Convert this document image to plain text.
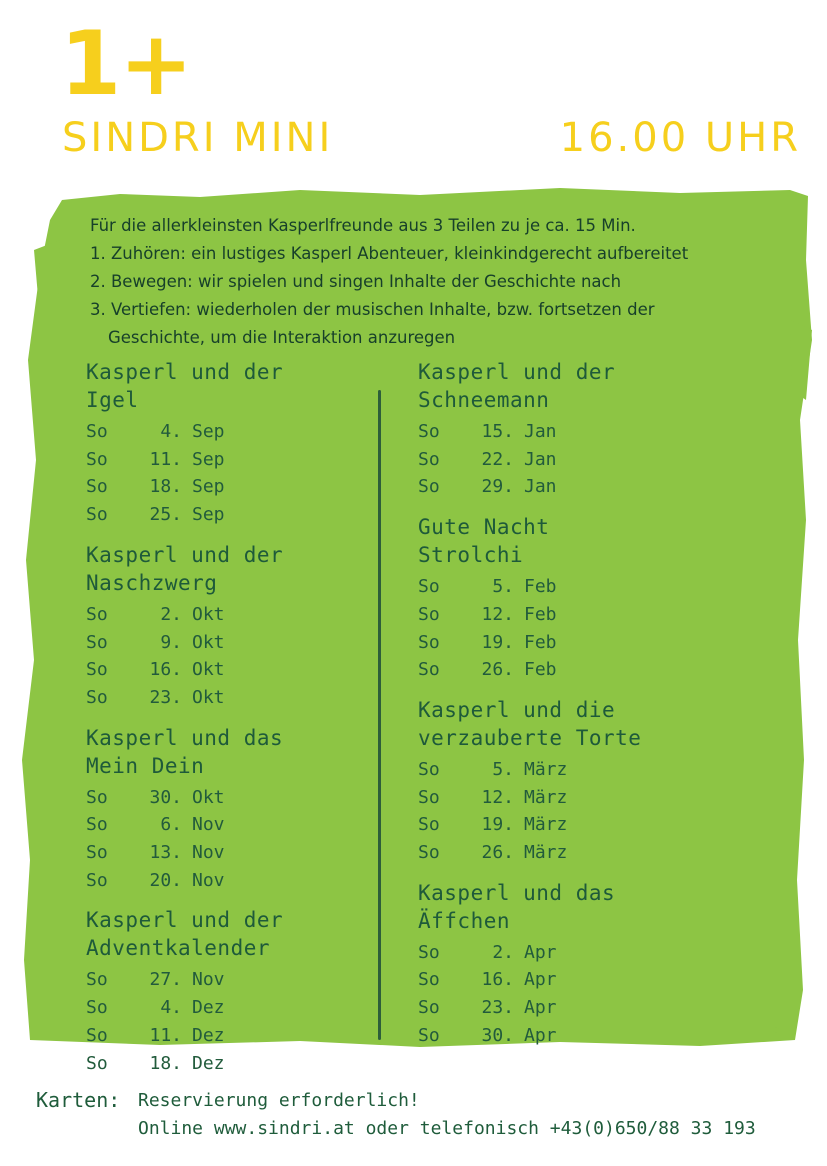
1+
SINDRI MINI	16.00 UHR
Für die allerkleinsten Kasperlfreunde aus 3 Teilen zu je ca. 15 Min.
1. Zuhören: ein lustiges Kasperl Abenteuer, kleinkindgerecht aufbereitet
2. Bewegen: wir spielen und singen Inhalte der Geschichte nach
3. Vertiefen: wiederholen der musischen Inhalte, bzw. fortsetzen der
Geschichte, um die Interaktion anzuregen
Kasperl und der
Igel
So	4. Sep
So	11. Sep
So	18. Sep
So	25. Sep
Kasperl und der
Naschzwerg
So	2. Okt
So	9. Okt
So	16. Okt
So	23. Okt
Kasperl und das
Mein Dein
So	30. Okt
So	6. Nov
So	13. Nov
So	20. Nov
Kasperl und der
Adventkalender
So	27. Nov
So	4. Dez
So	11. Dez
So	18. Dez
Kasperl und der
Schneemann
So	15. Jan
So	22. Jan
So	29. Jan
Gute Nacht
Strolchi
So	5. Feb
So	12. Feb
So	19. Feb
So	26. Feb
Kasperl und die
verzauberte Torte
So	5. März
So	12. März
So	19. März
So	26. März
Kasperl und das
Äffchen
So	2. Apr
So	16. Apr
So	23. Apr
So	30. Apr
Karten: Reservierung erforderlich!
Online www.sindri.at oder telefonisch +43(0)650/88 33 193
